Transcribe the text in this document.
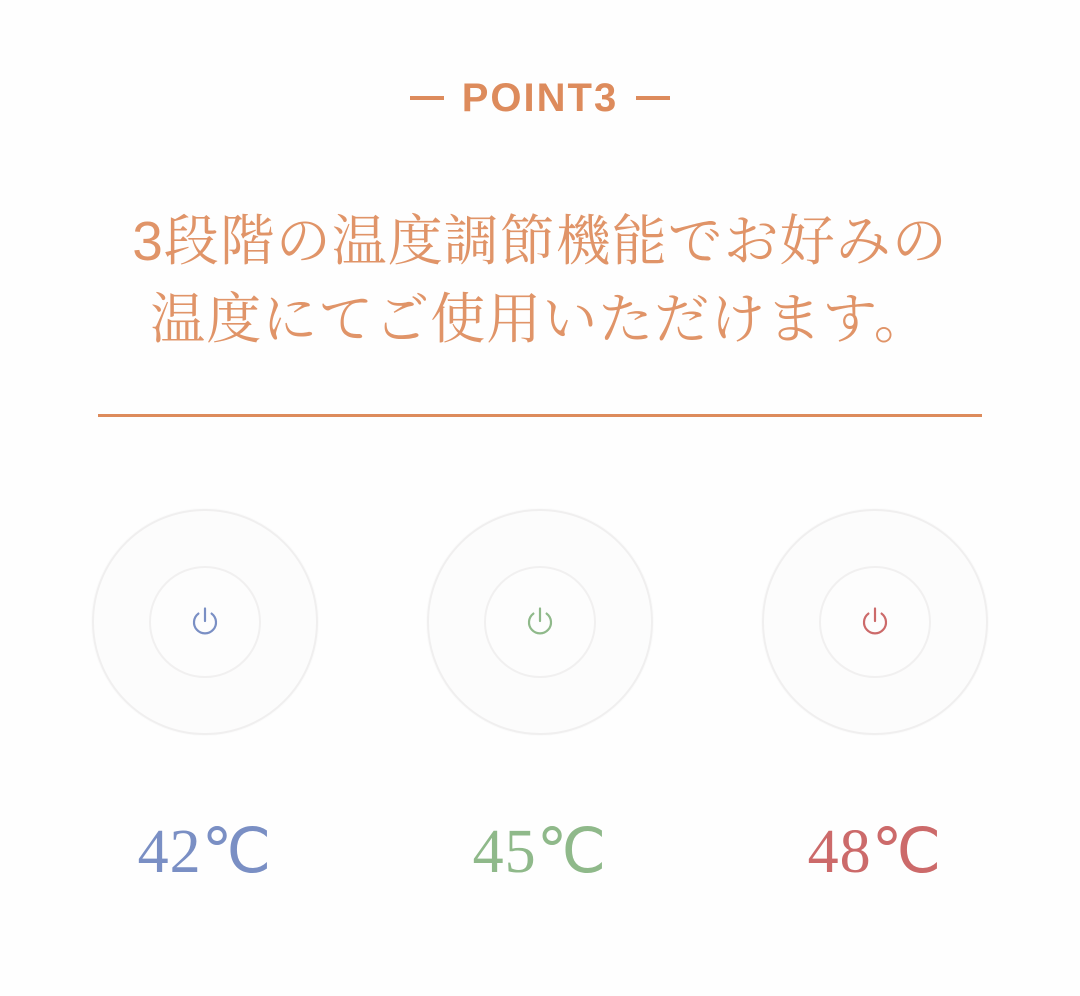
POINT3
3段階の温度調節機能でお好みの
温度にてご使用いただけます。
42℃	45℃	48℃
